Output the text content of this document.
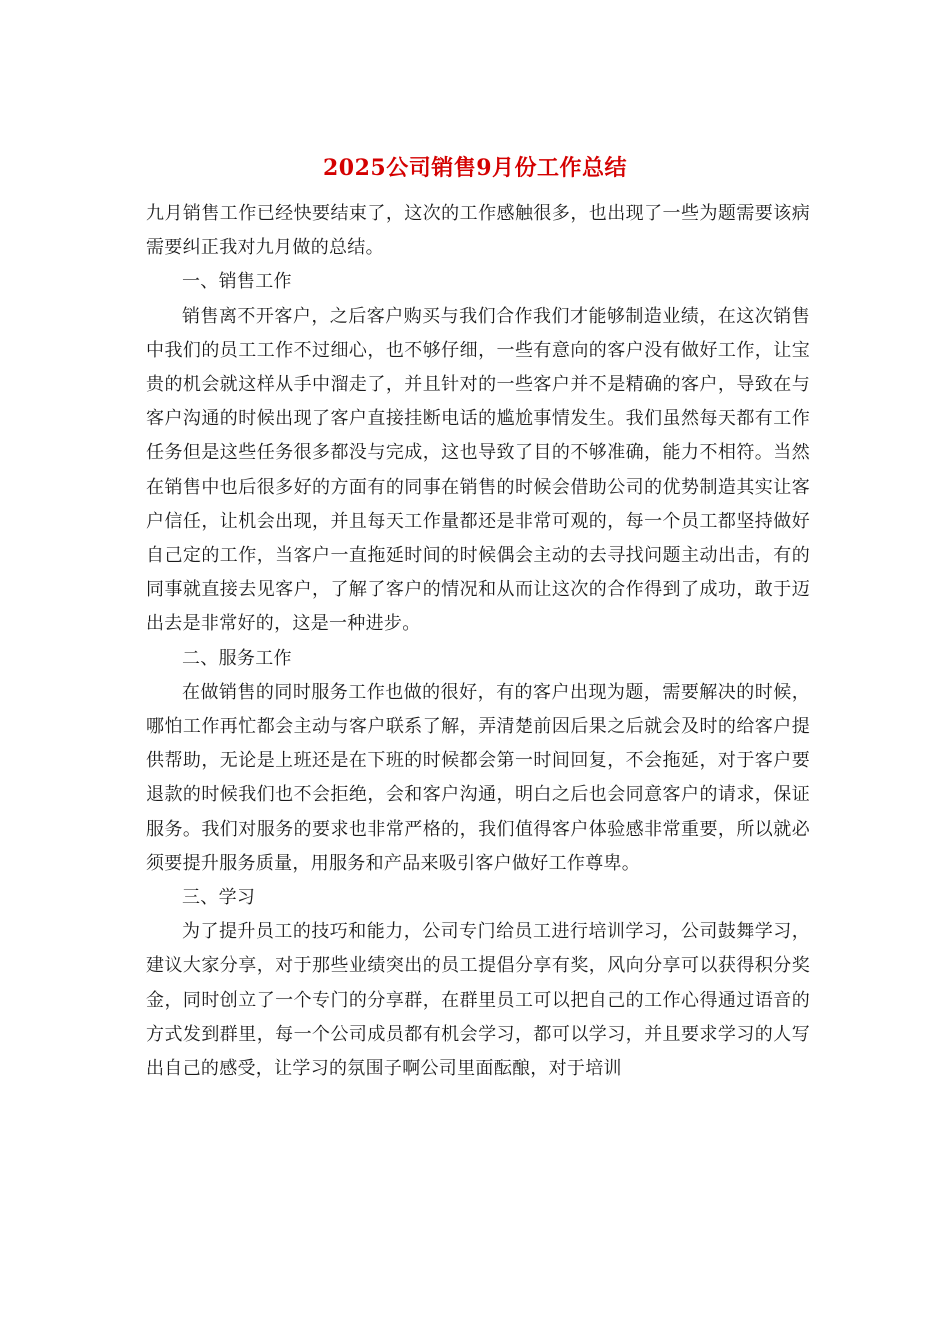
2025公司销售9月份工作总结

九月销售工作已经快要结束了，这次的工作感触很多，也出现了一些为题需要该病需要纠正我对九月做的总结。

一、销售工作

销售离不开客户，之后客户购买与我们合作我们才能够制造业绩，在这次销售中我们的员工工作不过细心，也不够仔细，一些有意向的客户没有做好工作，让宝贵的机会就这样从手中溜走了，并且针对的一些客户并不是精确的客户，导致在与客户沟通的时候出现了客户直接挂断电话的尴尬事情发生。我们虽然每天都有工作任务但是这些任务很多都没与完成，这也导致了目的不够准确，能力不相符。当然在销售中也后很多好的方面有的同事在销售的时候会借助公司的优势制造其实让客户信任，让机会出现，并且每天工作量都还是非常可观的，每一个员工都坚持做好自己定的工作，当客户一直拖延时间的时候偶会主动的去寻找问题主动出击，有的同事就直接去见客户，了解了客户的情况和从而让这次的合作得到了成功，敢于迈出去是非常好的，这是一种进步。

二、服务工作

在做销售的同时服务工作也做的很好，有的客户出现为题，需要解决的时候，哪怕工作再忙都会主动与客户联系了解，弄清楚前因后果之后就会及时的给客户提供帮助，无论是上班还是在下班的时候都会第一时间回复，不会拖延，对于客户要退款的时候我们也不会拒绝，会和客户沟通，明白之后也会同意客户的请求，保证服务。我们对服务的要求也非常严格的，我们值得客户体验感非常重要，所以就必须要提升服务质量，用服务和产品来吸引客户做好工作尊卑。

三、学习

为了提升员工的技巧和能力，公司专门给员工进行培训学习，公司鼓舞学习，建议大家分享，对于那些业绩突出的员工提倡分享有奖，风向分享可以获得积分奖金，同时创立了一个专门的分享群，在群里员工可以把自己的工作心得通过语音的方式发到群里，每一个公司成员都有机会学习，都可以学习，并且要求学习的人写出自己的感受，让学习的氛围子啊公司里面酝酿，对于培训
